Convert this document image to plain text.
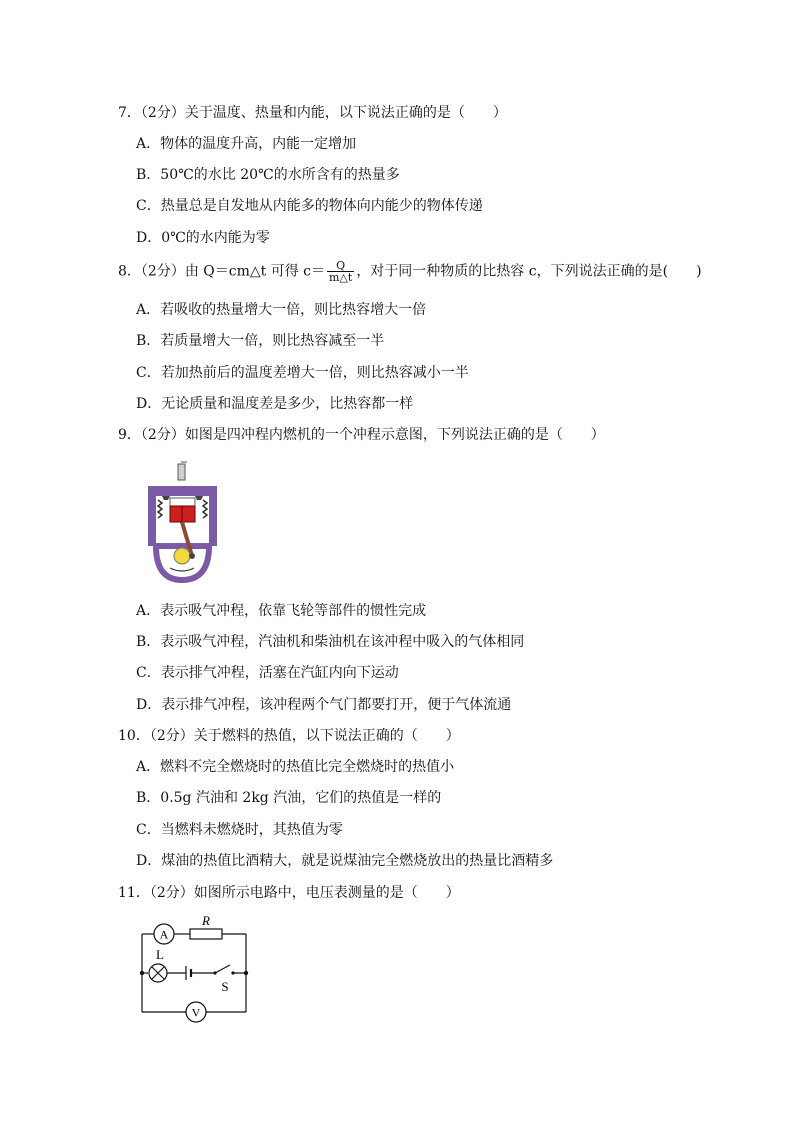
7．（2分）关于温度、热量和内能，以下说法正确的是（　　）
A．物体的温度升高，内能一定增加
B．50℃的水比 20℃的水所含有的热量多
C．热量总是自发地从内能多的物体向内能少的物体传递
D．0℃的水内能为零
8．（2分）由 Q＝cm△t 可得 $c= \frac{Q}{m\triangle t}$ ，对于同一种物质的比热容 c，下列说法正确的是(　　)
A．若吸收的热量增大一倍，则比热容增大一倍
B．若质量增大一倍，则比热容减至一半
C．若加热前后的温度差增大一倍，则比热容减小一半
D．无论质量和温度差是多少，比热容都一样
9．（2分）如图是四冲程内燃机的一个冲程示意图，下列说法正确的是（　　）
A．表示吸气冲程，依靠飞轮等部件的惯性完成
B．表示吸气冲程，汽油机和柴油机在该冲程中吸入的气体相同
C．表示排气冲程，活塞在汽缸内向下运动
D．表示排气冲程，该冲程两个气门都要打开，便于气体流通
10．（2分）关于燃料的热值，以下说法正确的（　　）
A．燃料不完全燃烧时的热值比完全燃烧时的热值小
B．0.5g 汽油和 2kg 汽油，它们的热值是一样的
C．当燃料未燃烧时，其热值为零
D．煤油的热值比酒精大，就是说煤油完全燃烧放出的热量比酒精多
11．（2分）如图所示电路中，电压表测量的是（　　）
A
R
L
S
V
